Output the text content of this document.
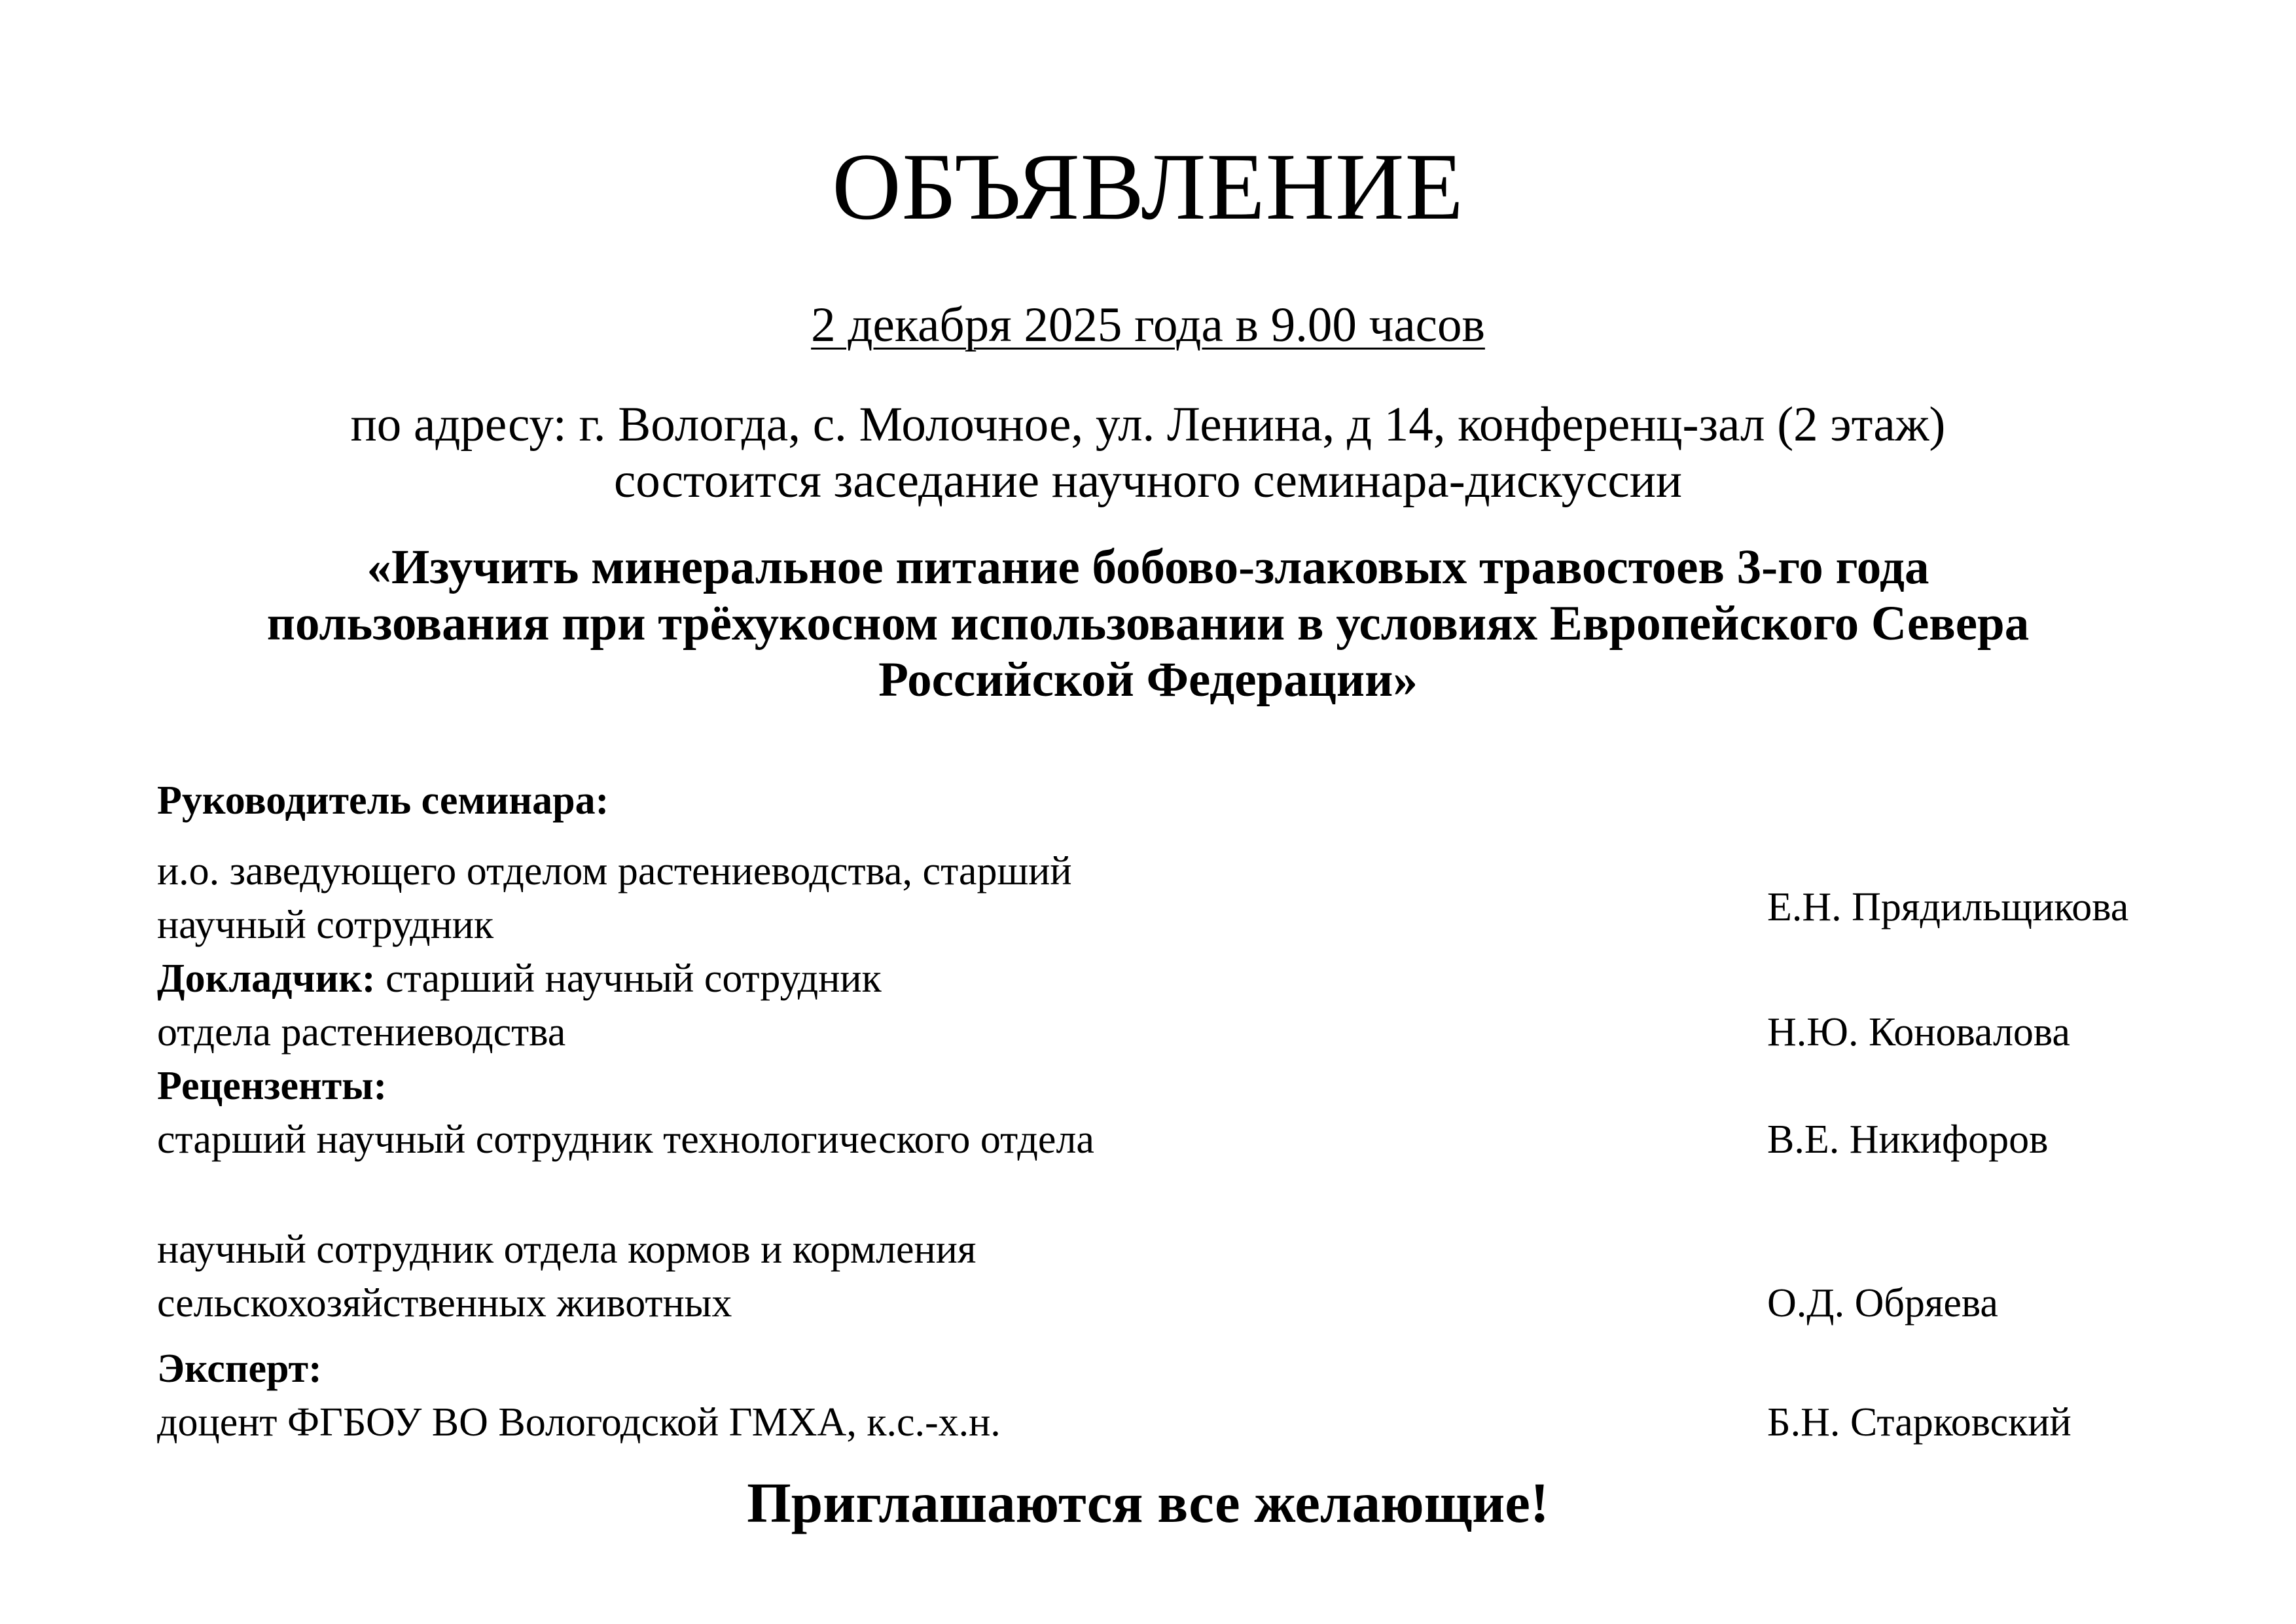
ОБЪЯВЛЕНИЕ
2 декабря 2025 года в 9.00 часов
по адресу: г. Вологда, с. Молочное, ул. Ленина, д 14, конференц-зал (2 этаж)
состоится заседание научного семинара-дискуссии
«Изучить минеральное питание бобово-злаковых травостоев 3-го года
пользования при трёхукосном использовании в условиях Европейского Севера
Российской Федерации»
Руководитель семинара:
и.о. заведующего отделом растениеводства, старший
научный сотрудник	Е.Н. Прядильщикова
Докладчик: старший научный сотрудник
отдела растениеводства	Н.Ю. Коновалова
Рецензенты:
старший научный сотрудник технологического отдела	В.Е. Никифоров
научный сотрудник отдела кормов и кормления
сельскохозяйственных животных	О.Д. Обряева
Эксперт:
доцент ФГБОУ ВО Вологодской ГМХА, к.с.-х.н.	Б.Н. Старковский
Приглашаются все желающие!
